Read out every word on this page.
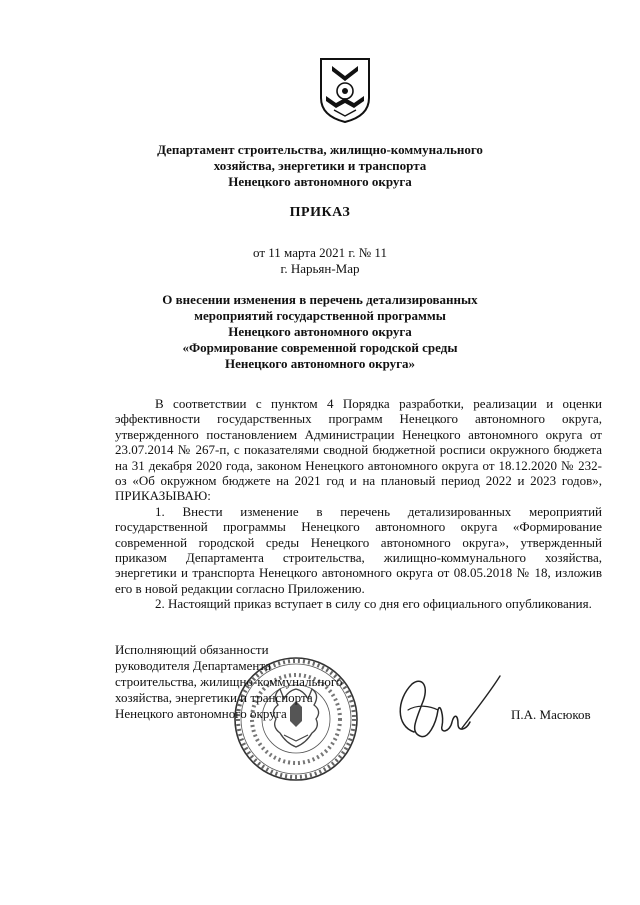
Департамент строительства, жилищно-коммунального
хозяйства, энергетики и транспорта
Ненецкого автономного округа
ПРИКАЗ
от 11 марта 2021 г. № 11
г. Нарьян-Мар
О внесении изменения в перечень детализированных
мероприятий государственной программы
Ненецкого автономного округа
«Формирование современной городской среды
Ненецкого автономного округа»

В соответствии с пунктом 4 Порядка разработки, реализации и оценки эффективности государственных программ Ненецкого автономного округа, утвержденного постановлением Администрации Ненецкого автономного округа от 23.07.2014 № 267-п, с показателями сводной бюджетной росписи окружного бюджета на 31 декабря 2020 года, законом Ненецкого автономного округа от 18.12.2020 № 232-оз «Об окружном бюджете на 2021 год и на плановый период 2022 и 2023 годов», ПРИКАЗЫВАЮ:

1. Внести изменение в перечень детализированных мероприятий государственной программы Ненецкого автономного округа «Формирование современной городской среды Ненецкого автономного округа», утвержденный приказом Департамента строительства, жилищно-коммунального хозяйства, энергетики и транспорта Ненецкого автономного округа от 08.05.2018 № 18, изложив его в новой редакции согласно Приложению.

2. Настоящий приказ вступает в силу со дня его официального опубликования.

Исполняющий обязанности
руководителя Департамента
строительства, жилищно-коммунального
хозяйства, энергетики и транспорта
Ненецкого автономного округа	П.А. Масюков
